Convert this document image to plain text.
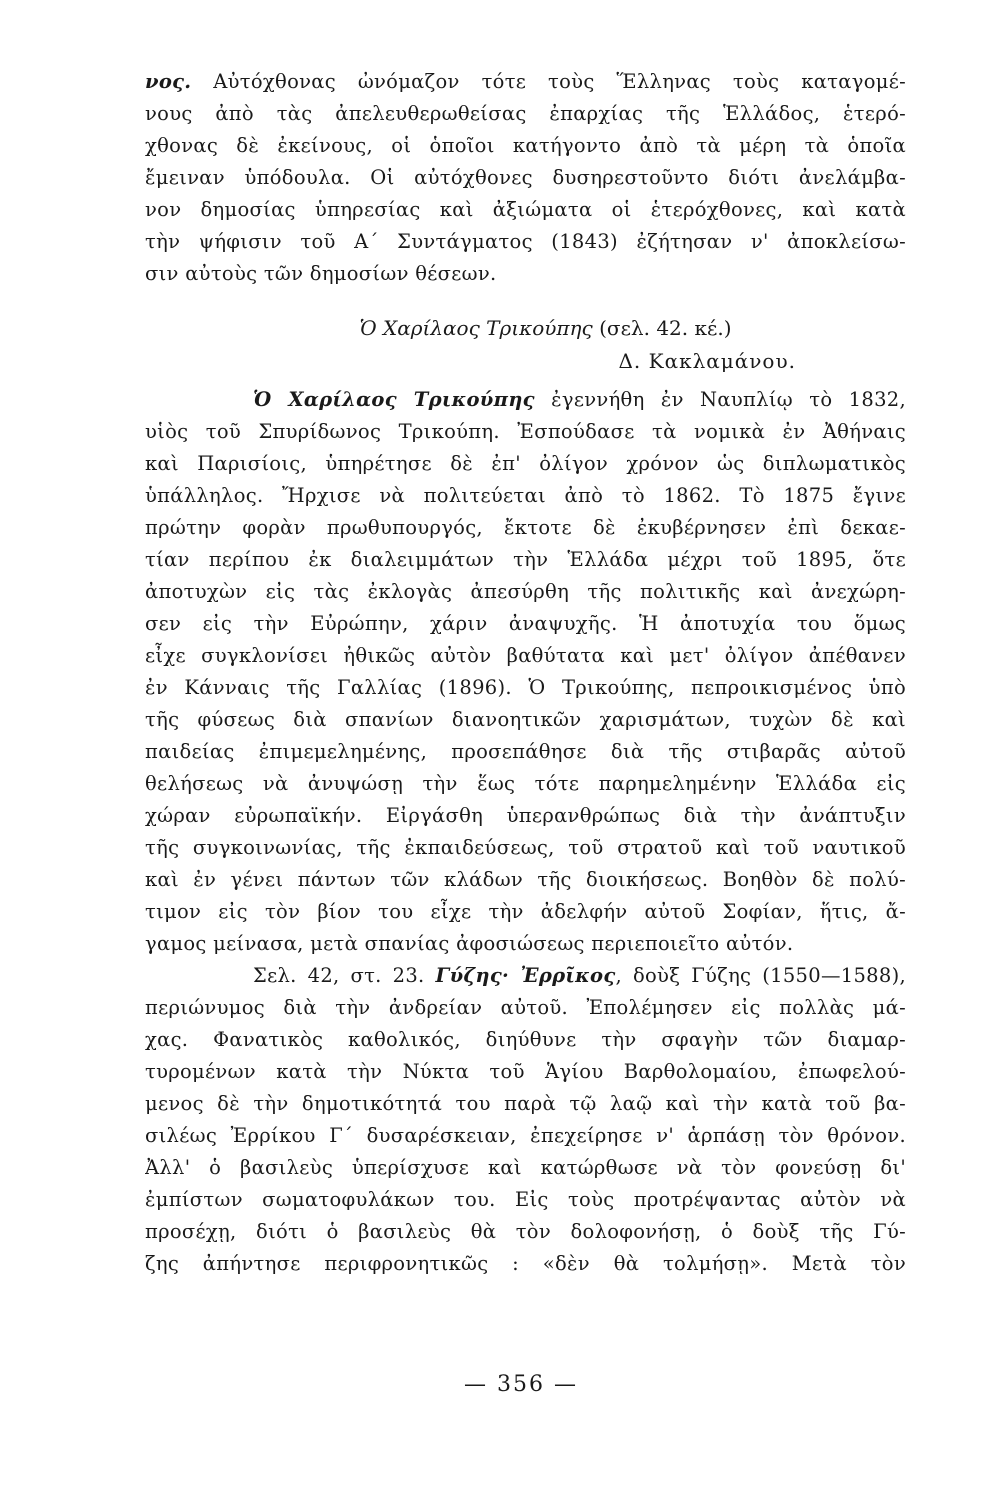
νος. Αὐτόχθονας ὠνόμαζον τότε τοὺς Ἕλληνας τοὺς καταγομέ-
νους ἀπὸ τὰς ἀπελευθερωθείσας ἐπαρχίας τῆς Ἑλλάδος, ἑτερό-
χθονας δὲ ἐκείνους, οἱ ὁποῖοι κατήγοντο ἀπὸ τὰ μέρη τὰ ὁποῖα
ἔμειναν ὑπόδουλα. Οἱ αὐτόχθονες δυσηρεστοῦντο διότι ἀνελάμβα-
νον δημοσίας ὑπηρεσίας καὶ ἀξιώματα οἱ ἑτερόχθονες, καὶ κατὰ
τὴν ψήφισιν τοῦ Α΄ Συντάγματος (1843) ἐζήτησαν ν' ἀποκλείσω-
σιν αὐτοὺς τῶν δημοσίων θέσεων.
Ὁ Χαρίλαος Τρικούπης (σελ. 42. κέ.)
Δ. Κακλαμάνου.
Ὁ Χαρίλαος Τρικούπης ἐγεννήθη ἐν Ναυπλίῳ τὸ 1832,
υἱὸς τοῦ Σπυρίδωνος Τρικούπη. Ἐσπούδασε τὰ νομικὰ ἐν Ἀθήναις
καὶ Παρισίοις, ὑπηρέτησε δὲ ἐπ' ὀλίγον χρόνον ὡς διπλωματικὸς
ὑπάλληλος. Ἤρχισε νὰ πολιτεύεται ἀπὸ τὸ 1862. Τὸ 1875 ἔγινε
πρώτην φορὰν πρωθυπουργός, ἔκτοτε δὲ ἐκυβέρνησεν ἐπὶ δεκαε-
τίαν περίπου ἐκ διαλειμμάτων τὴν Ἑλλάδα μέχρι τοῦ 1895, ὅτε
ἀποτυχὼν εἰς τὰς ἐκλογὰς ἀπεσύρθη τῆς πολιτικῆς καὶ ἀνεχώρη-
σεν εἰς τὴν Εὐρώπην, χάριν ἀναψυχῆς. Ἡ ἀποτυχία του ὅμως
εἶχε συγκλονίσει ἠθικῶς αὐτὸν βαθύτατα καὶ μετ' ὀλίγον ἀπέθανεν
ἐν Κάνναις τῆς Γαλλίας (1896). Ὁ Τρικούπης, πεπροικισμένος ὑπὸ
τῆς φύσεως διὰ σπανίων διανοητικῶν χαρισμάτων, τυχὼν δὲ καὶ
παιδείας ἐπιμεμελημένης, προσεπάθησε διὰ τῆς στιβαρᾶς αὐτοῦ
θελήσεως νὰ ἀνυψώσῃ τὴν ἕως τότε παρημελημένην Ἑλλάδα εἰς
χώραν εὐρωπαϊκήν. Εἰργάσθη ὑπερανθρώπως διὰ τὴν ἀνάπτυξιν
τῆς συγκοινωνίας, τῆς ἐκπαιδεύσεως, τοῦ στρατοῦ καὶ τοῦ ναυτικοῦ
καὶ ἐν γένει πάντων τῶν κλάδων τῆς διοικήσεως. Βοηθὸν δὲ πολύ-
τιμον εἰς τὸν βίον του εἶχε τὴν ἀδελφήν αὐτοῦ Σοφίαν, ἥτις, ἄ-
γαμος μείνασα, μετὰ σπανίας ἀφοσιώσεως περιεποιεῖτο αὐτόν.
Σελ. 42, στ. 23. Γύζης· Ἐρρῖκος, δοὺξ Γύζης (1550—1588),
περιώνυμος διὰ τὴν ἀνδρείαν αὐτοῦ. Ἐπολέμησεν εἰς πολλὰς μά-
χας. Φανατικὸς καθολικός, διηύθυνε τὴν σφαγὴν τῶν διαμαρ-
τυρομένων κατὰ τὴν Νύκτα τοῦ Ἁγίου Βαρθολομαίου, ἐπωφελού-
μενος δὲ τὴν δημοτικότητά του παρὰ τῷ λαῷ καὶ τὴν κατὰ τοῦ βα-
σιλέως Ἐρρίκου Γ΄ δυσαρέσκειαν, ἐπεχείρησε ν' ἁρπάσῃ τὸν θρόνον.
Ἀλλ' ὁ βασιλεὺς ὑπερίσχυσε καὶ κατώρθωσε νὰ τὸν φονεύσῃ δι'
ἐμπίστων σωματοφυλάκων του. Εἰς τοὺς προτρέψαντας αὐτὸν νὰ
προσέχῃ, διότι ὁ βασιλεὺς θὰ τὸν δολοφονήσῃ, ὁ δοὺξ τῆς Γύ-
ζης ἀπήντησε περιφρονητικῶς : «δὲν θὰ τολμήσῃ». Μετὰ τὸν
— 356 —
